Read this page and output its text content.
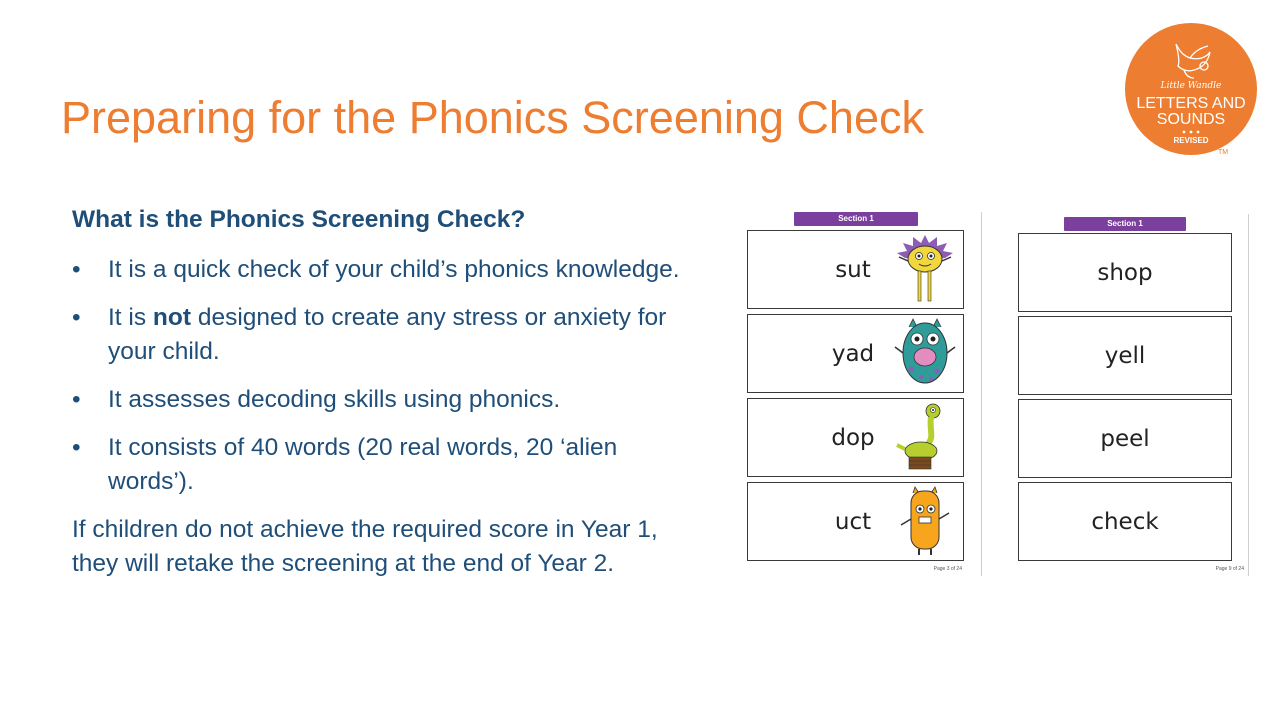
Preparing for the Phonics Screening Check
Little Wandle
LETTERS AND
SOUNDS
REVISED
TM

What is the Phonics Screening Check?

• It is a quick check of your child’s phonics knowledge.
• It is not designed to create any stress or anxiety for your child.
• It assesses decoding skills using phonics.
• It consists of 40 words (20 real words, 20 ‘alien words’).

If children do not achieve the required score in Year 1, they will retake the screening at the end of Year 2.

Section 1
sut
yad
dop
uct
Page 3 of 24
Section 1
shop
yell
peel
check
Page 9 of 24
